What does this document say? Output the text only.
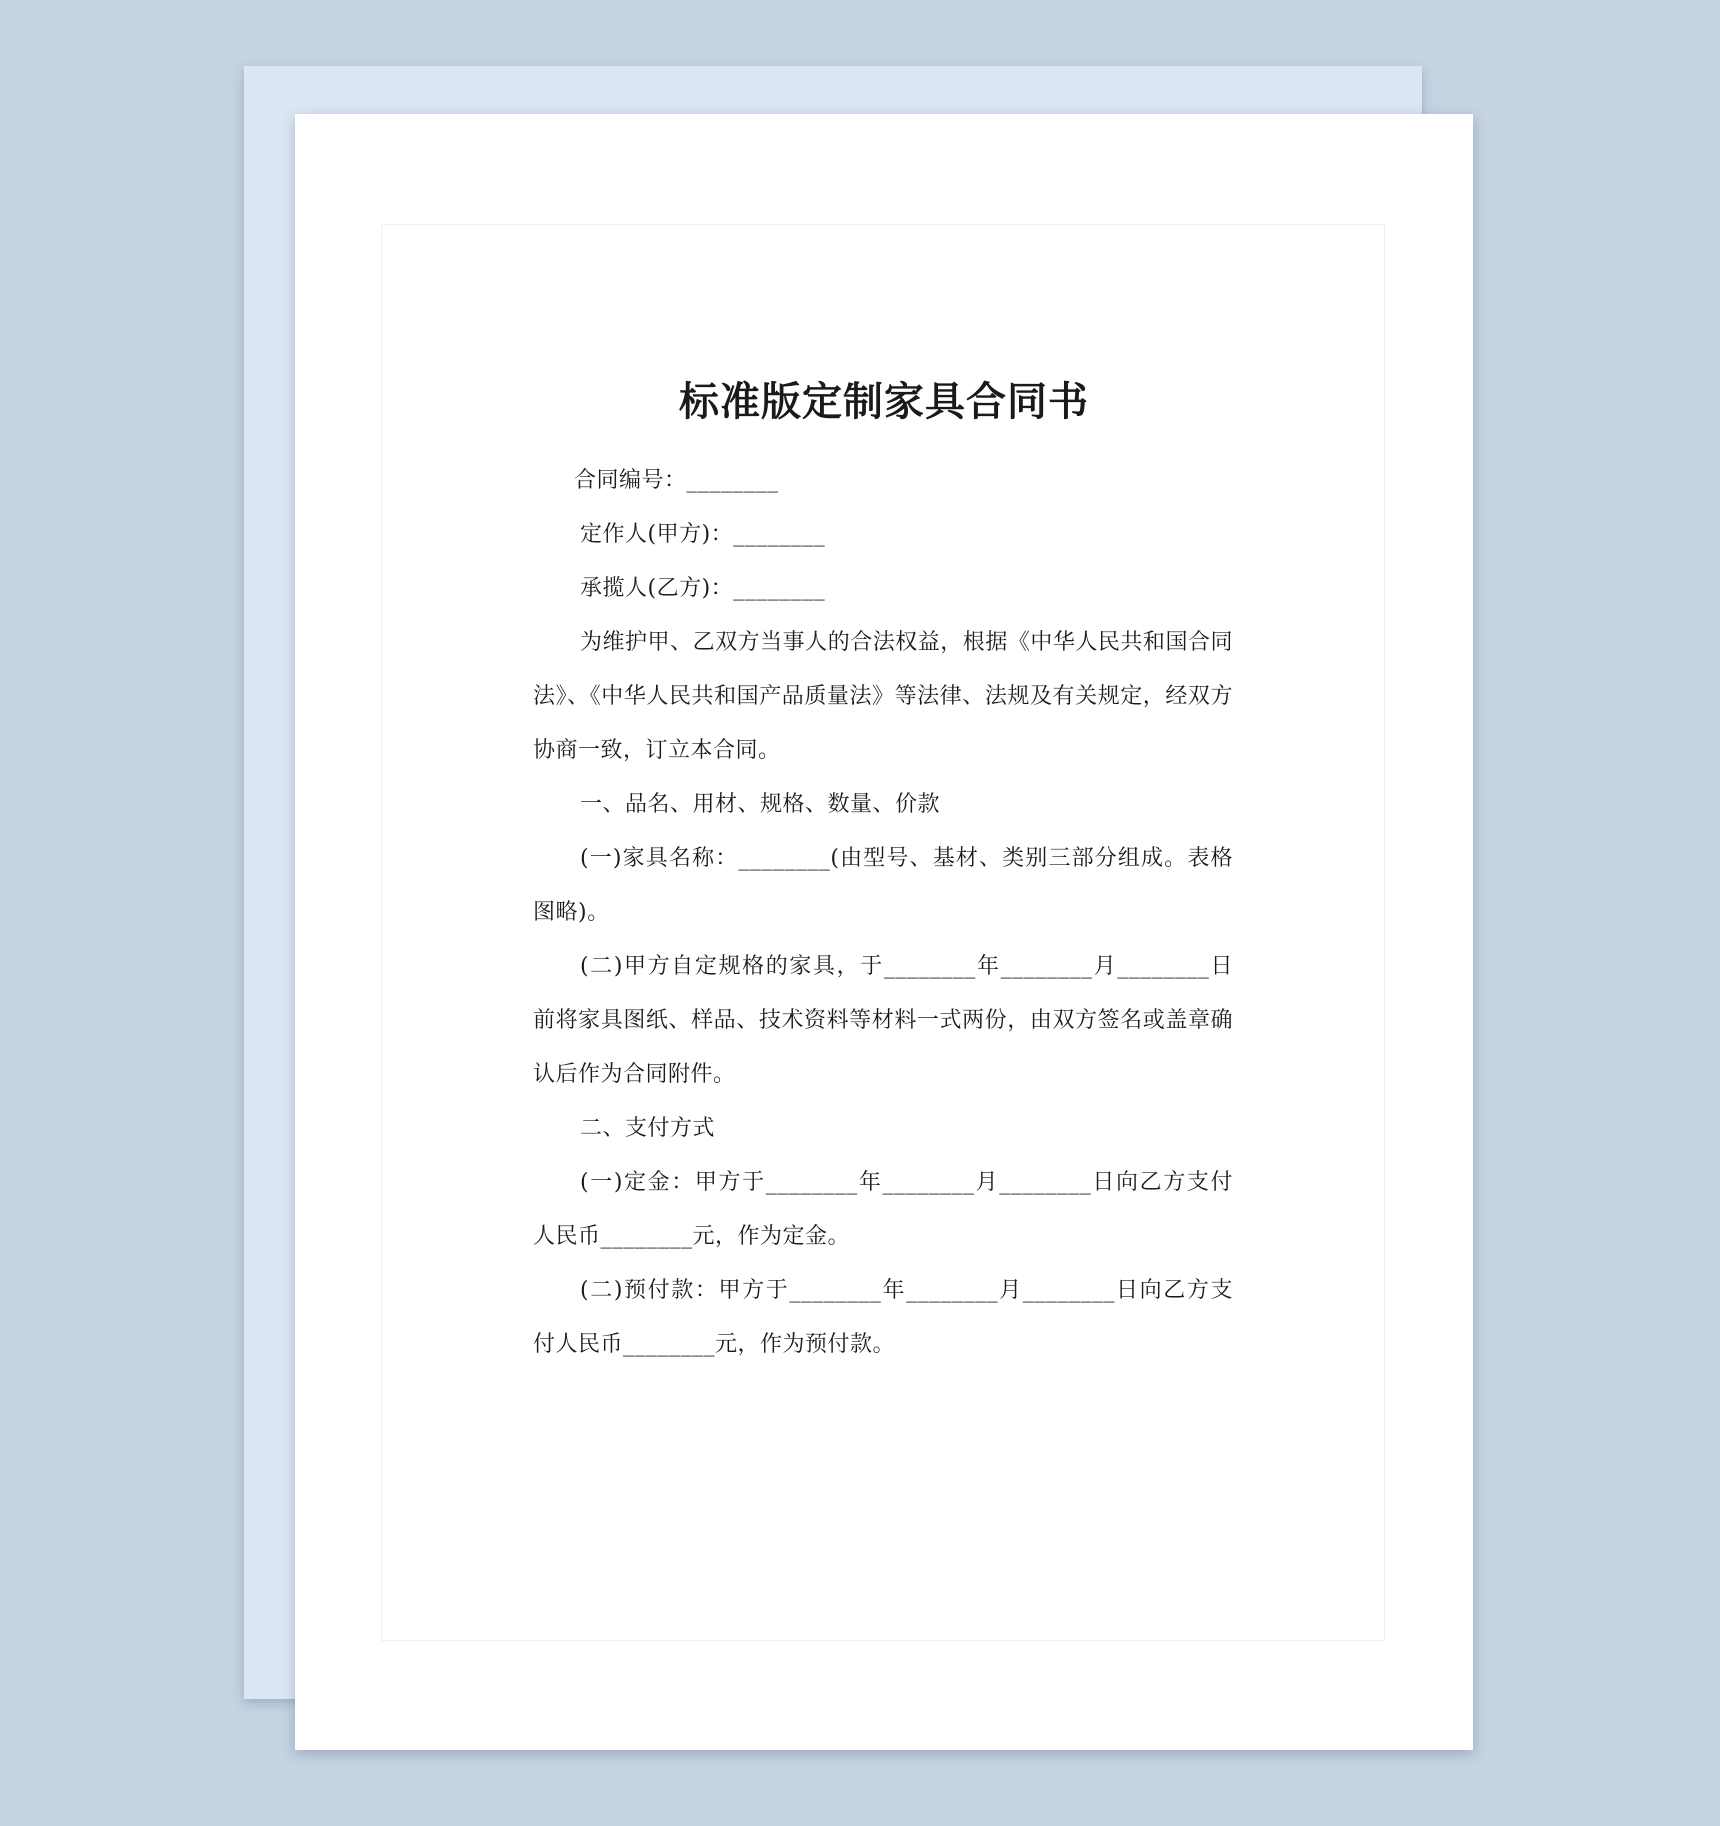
标准版定制家具合同书

合同编号：________

定作人(甲方)：________

承揽人(乙方)：________

为维护甲、乙双方当事人的合法权益，根据《中华人民共和国合同法》、《中华人民共和国产品质量法》等法律、法规及有关规定，经双方协商一致，订立本合同。

一、品名、用材、规格、数量、价款

(一)家具名称：________(由型号、基材、类别三部分组成。表格图略)。

(二)甲方自定规格的家具，于________年________月________日前将家具图纸、样品、技术资料等材料一式两份，由双方签名或盖章确认后作为合同附件。

二、支付方式

(一)定金：甲方于________年________月________日向乙方支付人民币________元，作为定金。

(二)预付款：甲方于________年________月________日向乙方支付人民币________元，作为预付款。
